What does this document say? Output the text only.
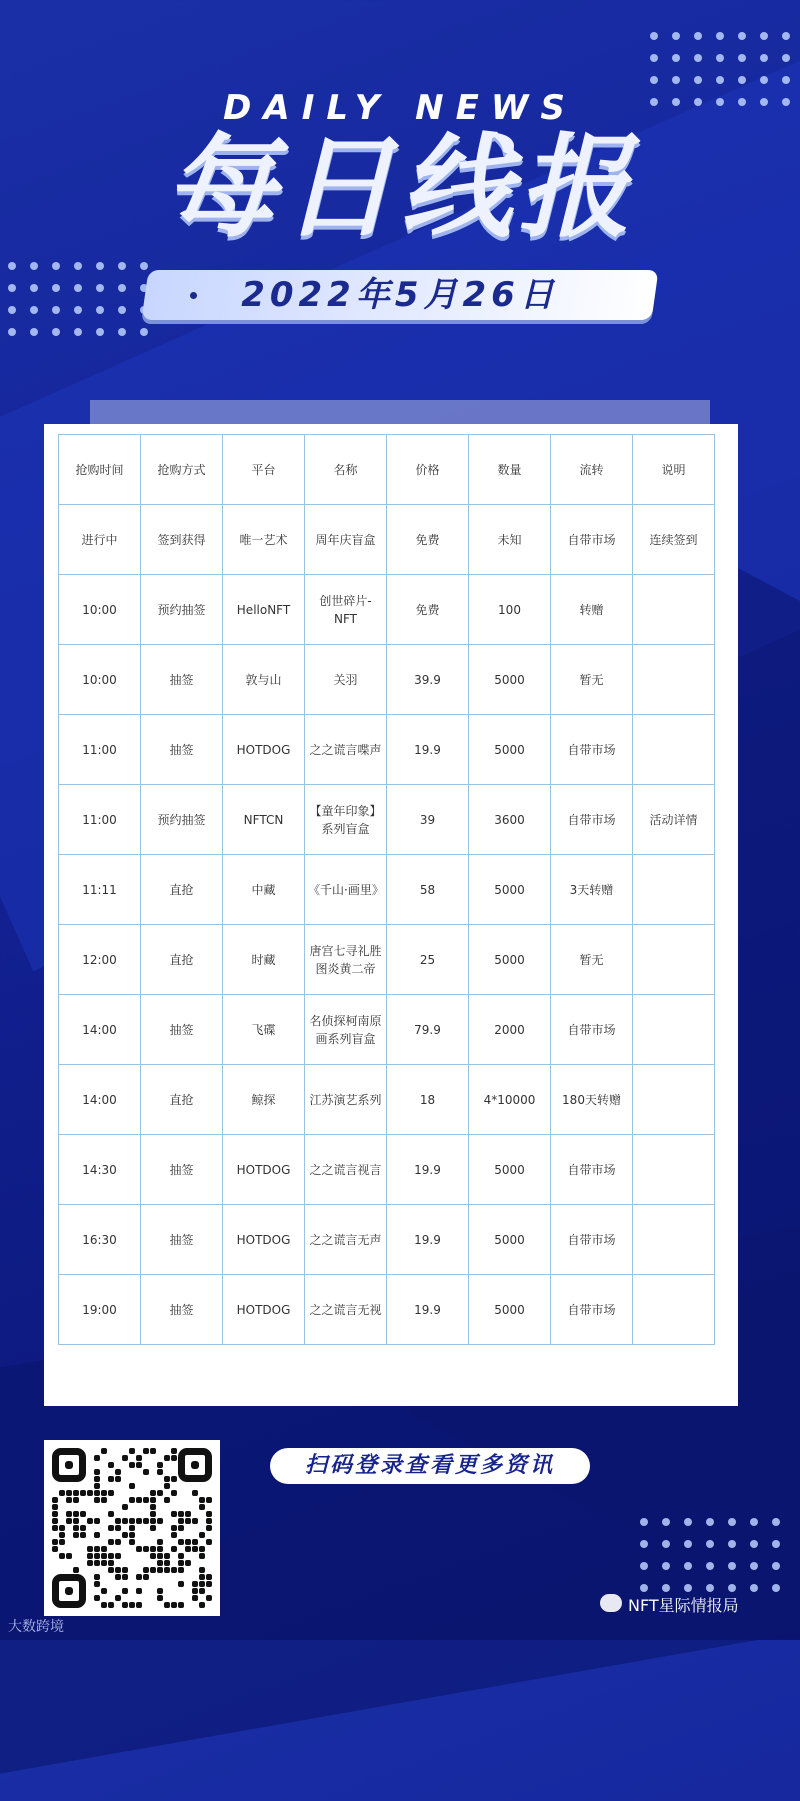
DAILY NEWS
每日线报
2022年5月26日
抢购时间	抢购方式	平台	名称	价格	数量	流转	说明
进行中	签到获得	唯一艺术	周年庆盲盒	免费	未知	自带市场	连续签到
10:00	预约抽签	HelloNFT	创世碎片-NFT	免费	100	转赠	
10:00	抽签	敦与山	关羽	39.9	5000	暂无	
11:00	抽签	HOTDOG	之之谎言喋声	19.9	5000	自带市场	
11:00	预约抽签	NFTCN	【童年印象】系列盲盒	39	3600	自带市场	活动详情
11:11	直抢	中藏	《千山·画里》	58	5000	3天转赠	
12:00	直抢	时藏	唐宫七寻礼胜图炎黄二帝	25	5000	暂无	
14:00	抽签	飞碟	名侦探柯南原画系列盲盒	79.9	2000	自带市场	
14:00	直抢	鲸探	江苏演艺系列	18	4*10000	180天转赠	
14:30	抽签	HOTDOG	之之谎言视言	19.9	5000	自带市场	
16:30	抽签	HOTDOG	之之谎言无声	19.9	5000	自带市场	
19:00	抽签	HOTDOG	之之谎言无视	19.9	5000	自带市场	
扫码登录查看更多资讯
NFT星际情报局
大数跨境
